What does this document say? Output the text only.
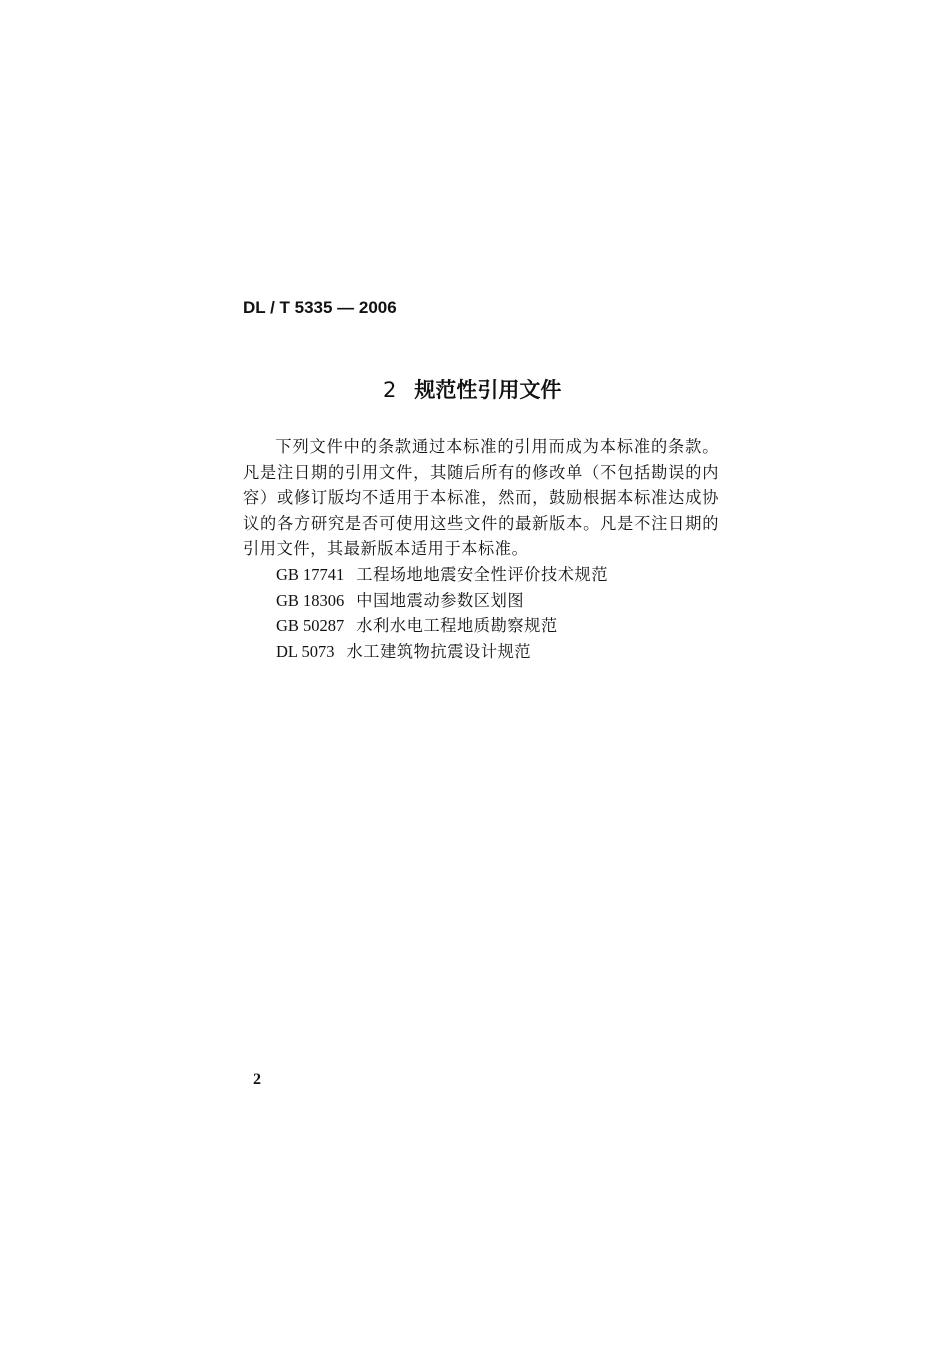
DL / T 5335 — 2006
2 规范性引用文件
下列文件中的条款通过本标准的引用而成为本标准的条款。凡是注日期的引用文件，其随后所有的修改单（不包括勘误的内容）或修订版均不适用于本标准，然而，鼓励根据本标准达成协议的各方研究是否可使用这些文件的最新版本。凡是不注日期的引用文件，其最新版本适用于本标准。
GB 17741 工程场地地震安全性评价技术规范
GB 18306 中国地震动参数区划图
GB 50287 水利水电工程地质勘察规范
DL 5073 水工建筑物抗震设计规范
2
